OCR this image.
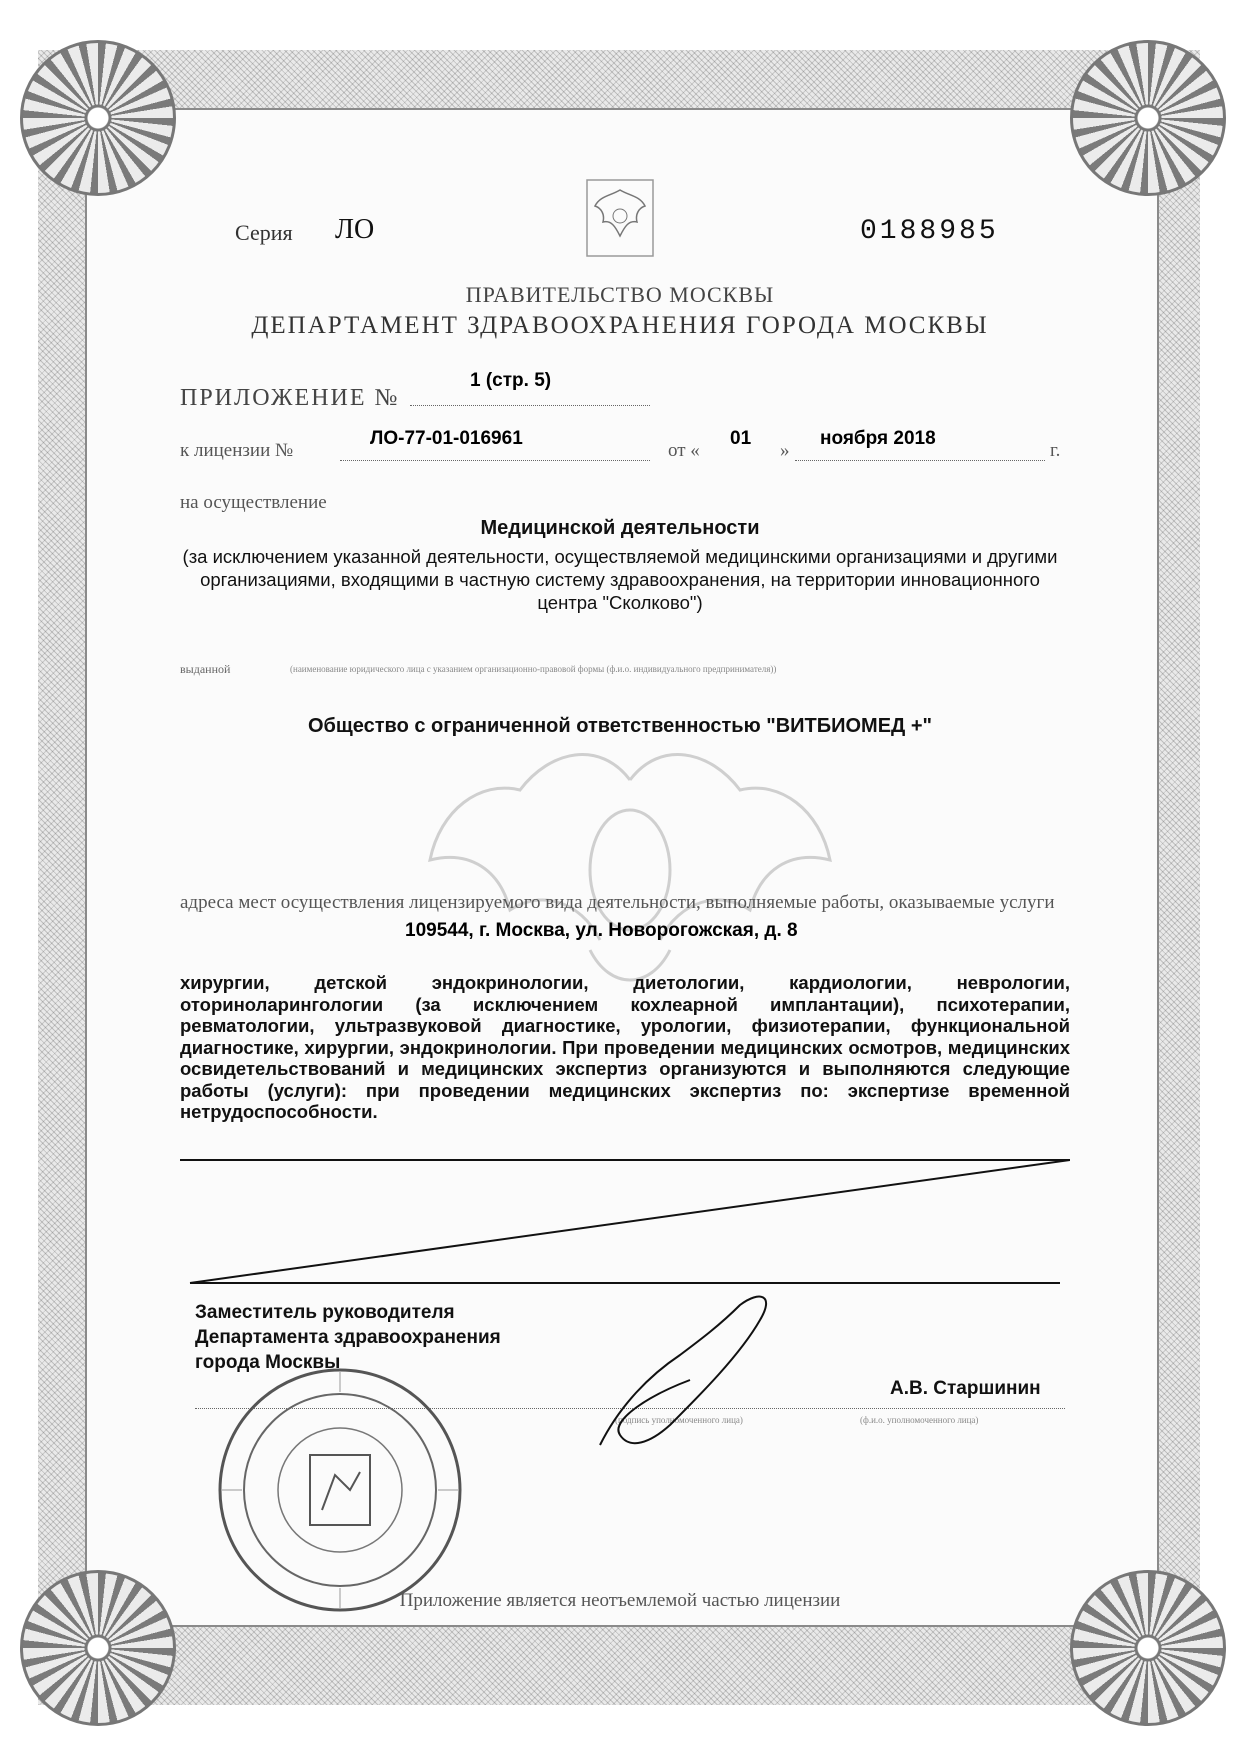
Серия ЛО	0188985
ПРАВИТЕЛЬСТВО МОСКВЫ
ДЕПАРТАМЕНТ ЗДРАВООХРАНЕНИЯ ГОРОДА МОСКВЫ
ПРИЛОЖЕНИЕ №
1 (стр. 5)
к лицензии №
ЛО-77-01-016961
от «
01
»
ноября 2018
г.
на осуществление
Медицинской деятельности
(за исключением указанной деятельности, осуществляемой медицинскими организациями и другими организациями, входящими в частную систему здравоохранения, на территории инновационного центра "Сколково")
выданной	(наименование юридического лица с указанием организационно-правовой формы (ф.и.о. индивидуального предпринимателя))
Общество с ограниченной ответственностью "ВИТБИОМЕД +"
адреса мест осуществления лицензируемого вида деятельности, выполняемые работы, оказываемые услуги
109544, г. Москва, ул. Новорогожская, д. 8
хирургии, детской эндокринологии, диетологии, кардиологии, неврологии, оториноларингологии (за исключением кохлеарной имплантации), психотерапии, ревматологии, ультразвуковой диагностике, урологии, физиотерапии, функциональной диагностике, хирургии, эндокринологии. При проведении медицинских осмотров, медицинских освидетельствований и медицинских экспертиз организуются и выполняются следующие работы (услуги): при проведении медицинских экспертиз по: экспертизе временной нетрудоспособности.
Заместитель руководителя Департамента здравоохранения города Москвы
А.В. Старшинин
(подпись уполномоченного лица)	(ф.и.о. уполномоченного лица)
Приложение является неотъемлемой частью лицензии
